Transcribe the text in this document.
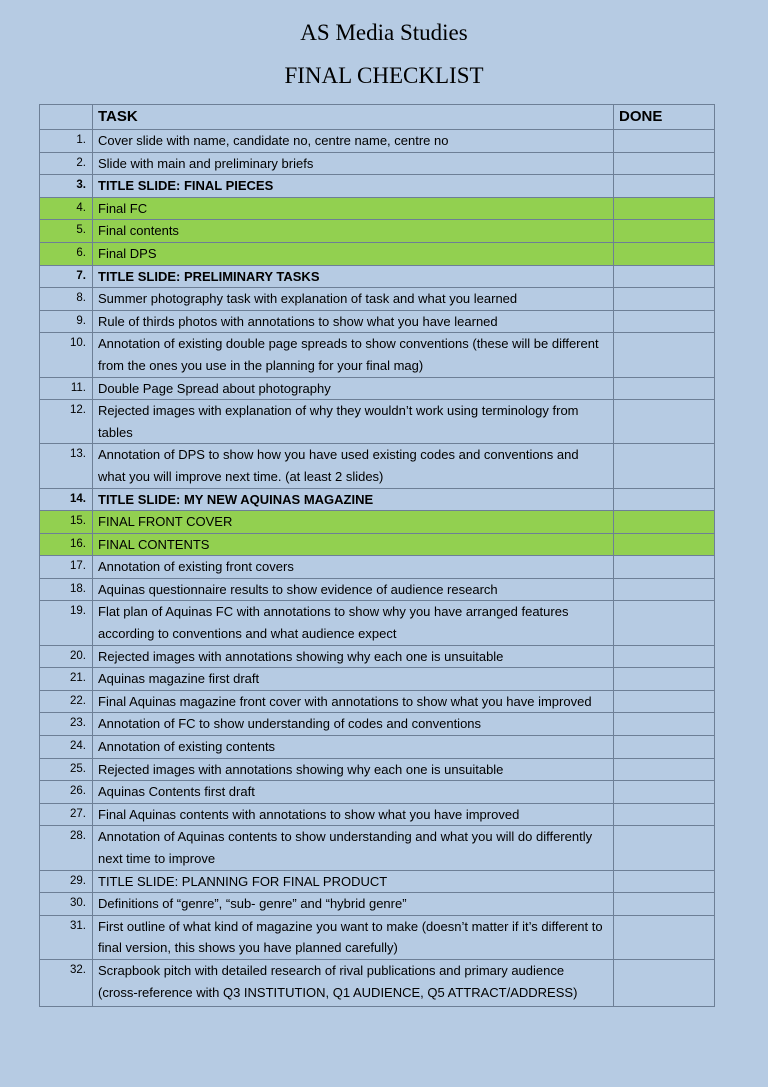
AS Media Studies
FINAL CHECKLIST
	TASK	DONE
1.	Cover slide with name, candidate no, centre name, centre no	
2.	Slide with main and preliminary briefs	
3.	TITLE SLIDE: FINAL PIECES	
4.	Final FC	
5.	Final contents	
6.	Final DPS	
7.	TITLE SLIDE: PRELIMINARY TASKS	
8.	Summer photography task with explanation of task and what you learned	
9.	Rule of thirds photos with annotations to show what you have learned	
10.	Annotation of existing double page spreads to show conventions (these will be different from the ones you use in the planning for your final mag)	
11.	Double Page Spread about photography	
12.	Rejected images with explanation of why they wouldn’t work using terminology from tables	
13.	Annotation of DPS to show how you have used existing codes and conventions and what you will improve next time. (at least 2 slides)	
14.	TITLE SLIDE: MY NEW AQUINAS MAGAZINE	
15.	FINAL FRONT COVER	
16.	FINAL CONTENTS	
17.	Annotation of existing front covers	
18.	Aquinas questionnaire results to show evidence of audience research	
19.	Flat plan of Aquinas FC with annotations to show why you have arranged features according to conventions and what audience expect	
20.	Rejected images with annotations showing why each one is unsuitable	
21.	Aquinas magazine first draft	
22.	Final Aquinas magazine front cover with annotations to show what you have improved	
23.	Annotation of FC to show understanding of codes and conventions	
24.	Annotation of existing contents	
25.	Rejected images with annotations showing why each one is unsuitable	
26.	Aquinas Contents first draft	
27.	Final Aquinas contents with annotations to show what you have improved	
28.	Annotation of Aquinas contents to show understanding and what you will do differently next time to improve	
29.	TITLE SLIDE: PLANNING FOR FINAL PRODUCT	
30.	Definitions of “genre”, “sub- genre” and “hybrid genre”	
31.	First outline of what kind of magazine you want to make (doesn’t matter if it’s different to final version, this shows you have planned carefully)	
32.	Scrapbook pitch with detailed research of rival publications and primary audience (cross-reference with Q3 INSTITUTION, Q1 AUDIENCE, Q5 ATTRACT/ADDRESS)	
